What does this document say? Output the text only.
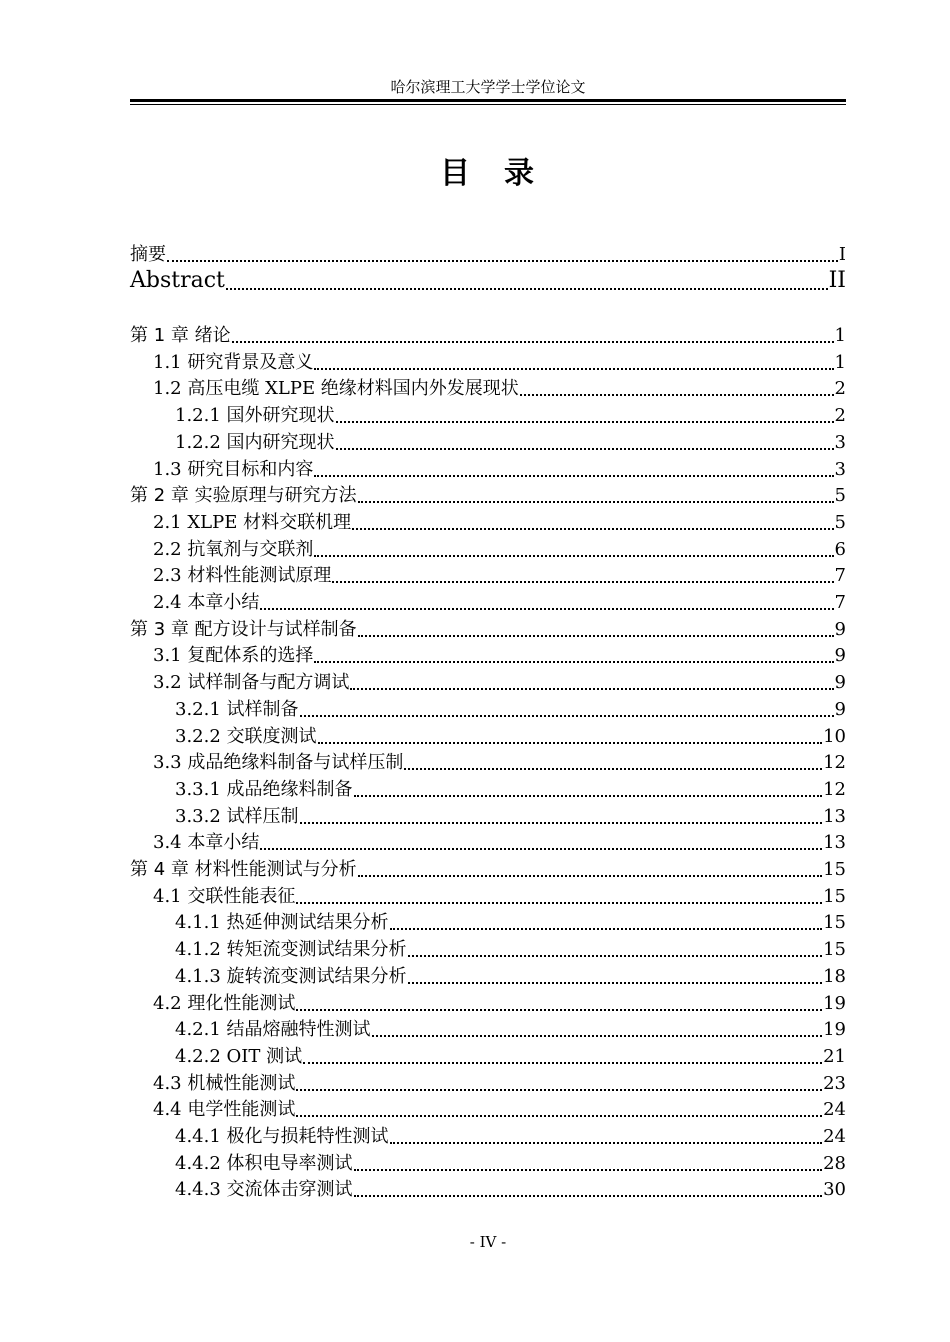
哈尔滨理工大学学士学位论文
目　录
摘要	I
Abstract	II
第 1 章 绪论	1
1.1 研究背景及意义	1
1.2 高压电缆 XLPE 绝缘材料国内外发展现状	2
1.2.1 国外研究现状	2
1.2.2 国内研究现状	3
1.3 研究目标和内容	3
第 2 章 实验原理与研究方法	5
2.1 XLPE 材料交联机理	5
2.2 抗氧剂与交联剂	6
2.3 材料性能测试原理	7
2.4 本章小结	7
第 3 章 配方设计与试样制备	9
3.1 复配体系的选择	9
3.2 试样制备与配方调试	9
3.2.1 试样制备	9
3.2.2 交联度测试	10
3.3 成品绝缘料制备与试样压制	12
3.3.1 成品绝缘料制备	12
3.3.2 试样压制	13
3.4 本章小结	13
第 4 章 材料性能测试与分析	15
4.1 交联性能表征	15
4.1.1 热延伸测试结果分析	15
4.1.2 转矩流变测试结果分析	15
4.1.3 旋转流变测试结果分析	18
4.2 理化性能测试	19
4.2.1 结晶熔融特性测试	19
4.2.2 OIT 测试	21
4.3 机械性能测试	23
4.4 电学性能测试	24
4.4.1 极化与损耗特性测试	24
4.4.2 体积电导率测试	28
4.4.3 交流体击穿测试	30
- IV -
